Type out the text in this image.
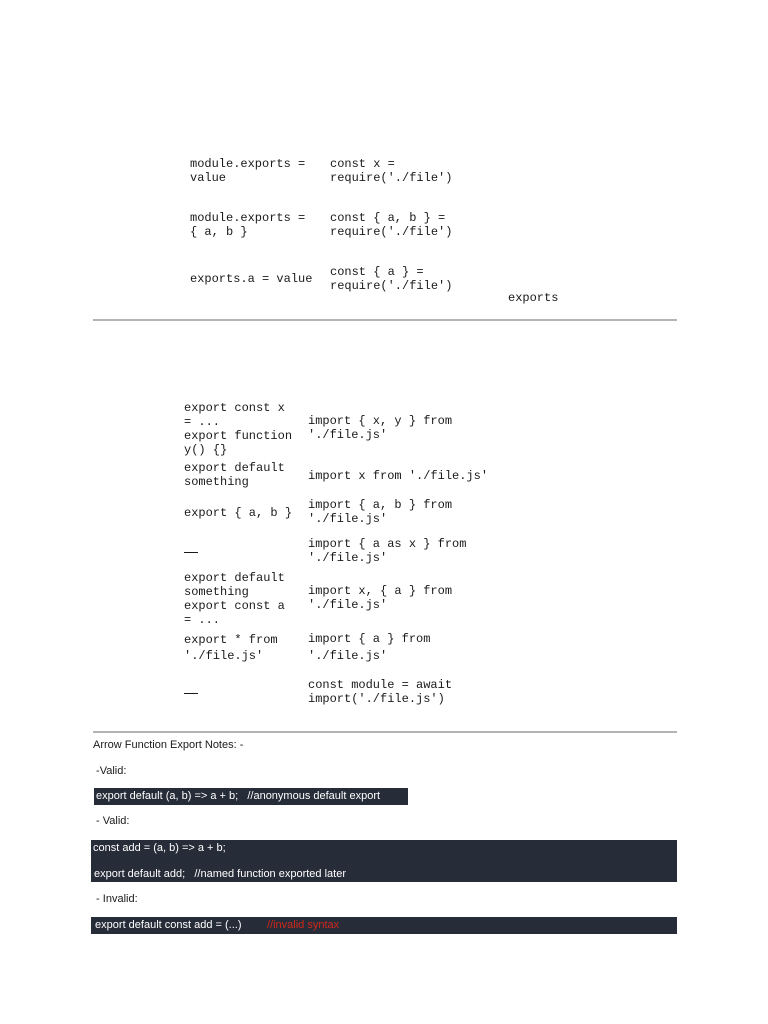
module.exports =
value
const x =
require('./file')
module.exports =
{ a, b }
const { a, b } =
require('./file')
exports.a = value const { a } =
require('./file')
exports
export const x
= ...
export function
y() {}
import { x, y } from
'./file.js'
export default
something	import x from './file.js'
export { a, b }
import { a, b } from
'./file.js'
import { a as x } from
'./file.js'
export default
something
export const a
= ...
import x, { a } from
'./file.js'
export * from
'./file.js'
import { a } from
'./file.js'
const module = await
import('./file.js')
Arrow Function Export Notes: -
-Valid:
export default (a, b) => a + b;   //anonymous default export
- Valid:
const add = (a, b) => a + b;
export default add;   //named function exported later
- Invalid:
export default const add = (...) //invalid syntax
